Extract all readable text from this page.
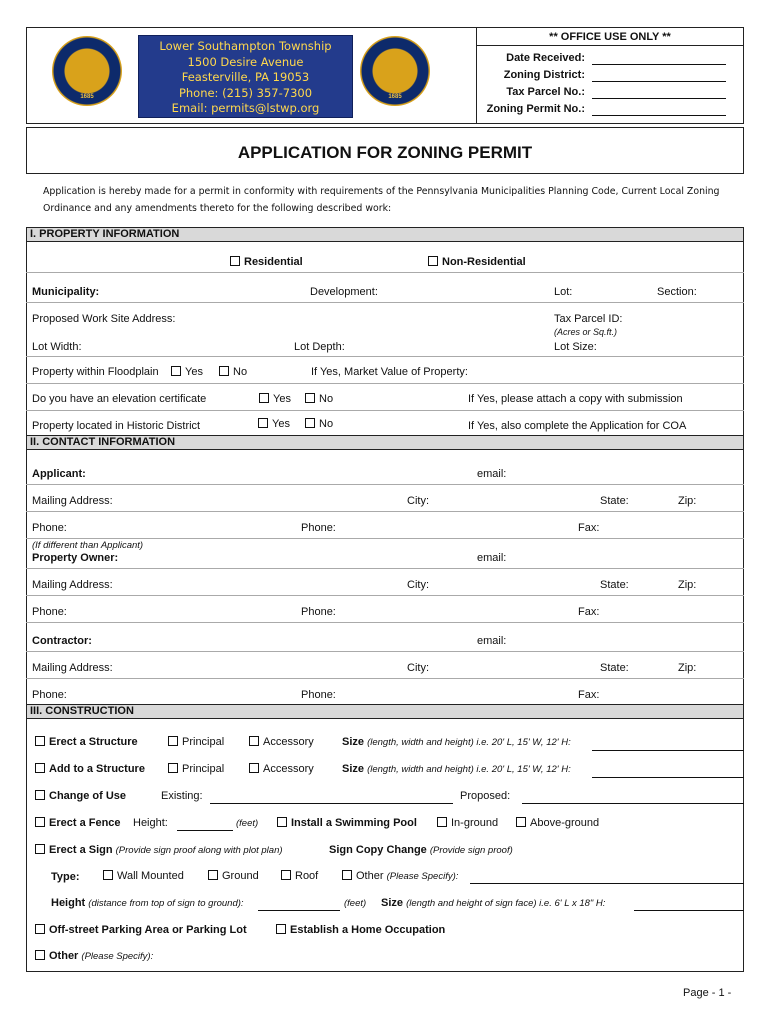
1685	1685
Lower Southampton Township
1500 Desire Avenue
Feasterville, PA 19053
Phone: (215) 357-7300
Email: permits@lstwp.org
** OFFICE USE ONLY **
Date Received:
Zoning District:
Tax Parcel No.:
Zoning Permit No.:
APPLICATION FOR ZONING PERMIT
Application is hereby made for a permit in conformity with requirements of the Pennsylvania Municipalities Planning Code, Current Local Zoning
Ordinance and any amendments thereto for the following described work:
I. PROPERTY INFORMATION
Residential	Non-Residential
Municipality:	Development:	Lot:	Section:
Proposed Work Site Address:	Tax Parcel ID:
(Acres or Sq.ft.)
Lot Width:	Lot Depth:	Lot Size:
Property within Floodplain	Yes	No	If Yes, Market Value of Property:
Do you have an elevation certificate	Yes	No	If Yes, please attach a copy with submission
Property located in Historic District	Yes	No	If Yes, also complete the Application for COA
II. CONTACT INFORMATION
Applicant:	email:
Mailing Address:	City:	State:	Zip:
Phone:	Phone:	Fax:
(If different than Applicant)
Property Owner:	email:
Mailing Address:	City:	State:	Zip:
Phone:	Phone:	Fax:
Contractor:	email:
Mailing Address:	City:	State:	Zip:
Phone:	Phone:	Fax:
III. CONSTRUCTION
Erect a Structure	Principal	Accessory	Size (length, width and height) i.e. 20' L, 15' W, 12' H:
Add to a Structure	Principal	Accessory	Size (length, width and height) i.e. 20' L, 15' W, 12' H:
Change of Use	Existing:	Proposed:
Erect a Fence Height:	(feet)	Install a Swimming Pool	In-ground	Above-ground
Erect a Sign (Provide sign proof along with plot plan)	Sign Copy Change (Provide sign proof)
Type:	Wall Mounted	Ground	Roof	Other (Please Specify):
Height (distance from top of sign to ground):	(feet) Size (length and height of sign face) i.e. 6' L x 18" H:
Off-street Parking Area or Parking Lot	Establish a Home Occupation
Other (Please Specify):
Page - 1 -
